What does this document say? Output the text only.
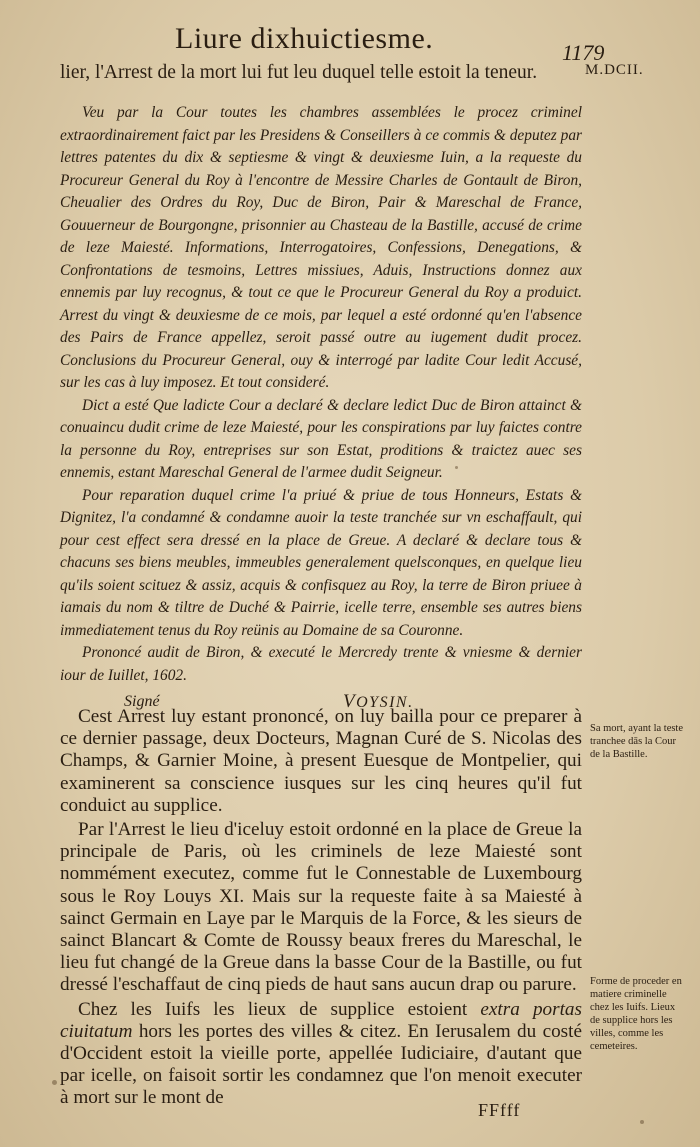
Liure dixhuictiesme.	1179
M.DCII.
lier, l'Arrest de la mort lui fut leu duquel telle estoit la teneur.

Veu par la Cour toutes les chambres assemblées le procez criminel extraordinairement faict par les Presidens & Conseillers à ce commis & deputez par lettres patentes du dix & septiesme & vingt & deuxiesme Iuin, a la requeste du Procureur General du Roy à l'encontre de Messire Charles de Gontault de Biron, Cheualier des Ordres du Roy, Duc de Biron, Pair & Mareschal de France, Gouuerneur de Bourgongne, prisonnier au Chasteau de la Bastille, accusé de crime de leze Maiesté. Informations, Interrogatoires, Confessions, Denegations, & Confrontations de tesmoins, Lettres missiues, Aduis, Instructions donnez aux ennemis par luy recognus, & tout ce que le Procureur General du Roy a produict. Arrest du vingt & deuxiesme de ce mois, par lequel a esté ordonné qu'en l'absence des Pairs de France appellez, seroit passé outre au iugement dudit procez. Conclusions du Procureur General, ouy & interrogé par ladite Cour ledit Accusé, sur les cas à luy imposez. Et tout consideré.

Dict a esté Que ladicte Cour a declaré & declare ledict Duc de Biron attainct & conuaincu dudit crime de leze Maiesté, pour les conspirations par luy faictes contre la personne du Roy, entreprises sur son Estat, proditions & traictez auec ses ennemis, estant Mareschal General de l'armee dudit Seigneur.

Pour reparation duquel crime l'a priué & priue de tous Honneurs, Estats & Dignitez, l'a condamné & condamne auoir la teste tranchée sur vn eschaffault, qui pour cest effect sera dressé en la place de Greue. A declaré & declare tous & chacuns ses biens meubles, immeubles generalement quelsconques, en quelque lieu qu'ils soient scituez & assiz, acquis & confisquez au Roy, la terre de Biron priuee à iamais du nom & tiltre de Duché & Pairrie, icelle terre, ensemble ses autres biens immediatement tenus du Roy reünis au Domaine de sa Couronne.

Prononcé audit de Biron, & executé le Mercredy trente & vniesme & dernier iour de Iuillet, 1602.

Signé	VOYSIN.

Cest Arrest luy estant prononcé, on luy bailla pour ce preparer à ce dernier passage, deux Docteurs, Magnan Curé de S. Nicolas des Champs, & Garnier Moine, à present Euesque de Montpelier, qui examinerent sa conscience iusques sur les cinq heures qu'il fut conduict au supplice.

Par l'Arrest le lieu d'iceluy estoit ordonné en la place de Greue la principale de Paris, où les criminels de leze Maiesté sont nommément executez, comme fut le Connestable de Luxembourg sous le Roy Louys XI. Mais sur la requeste faite à sa Maiesté à sainct Germain en Laye par le Marquis de la Force, & les sieurs de sainct Blancart & Comte de Roussy beaux freres du Mareschal, le lieu fut changé de la Greue dans la basse Cour de la Bastille, ou fut dressé l'eschaffaut de cinq pieds de haut sans aucun drap ou parure.

Chez les Iuifs les lieux de supplice estoient extra portas ciuitatum hors les portes des villes & citez. En Ierusalem du costé d'Occident estoit la vieille porte, appellée Iudiciaire, d'autant que par icelle, on faisoit sortir les condamnez que l'on menoit executer à mort sur le mont de

Sa mort, ayant la teste tranchee dās la Cour de la Bastille.
Forme de proceder en matiere criminelle chez les Iuifs. Lieux de supplice hors les villes, comme les cemeteires.
FFfff
